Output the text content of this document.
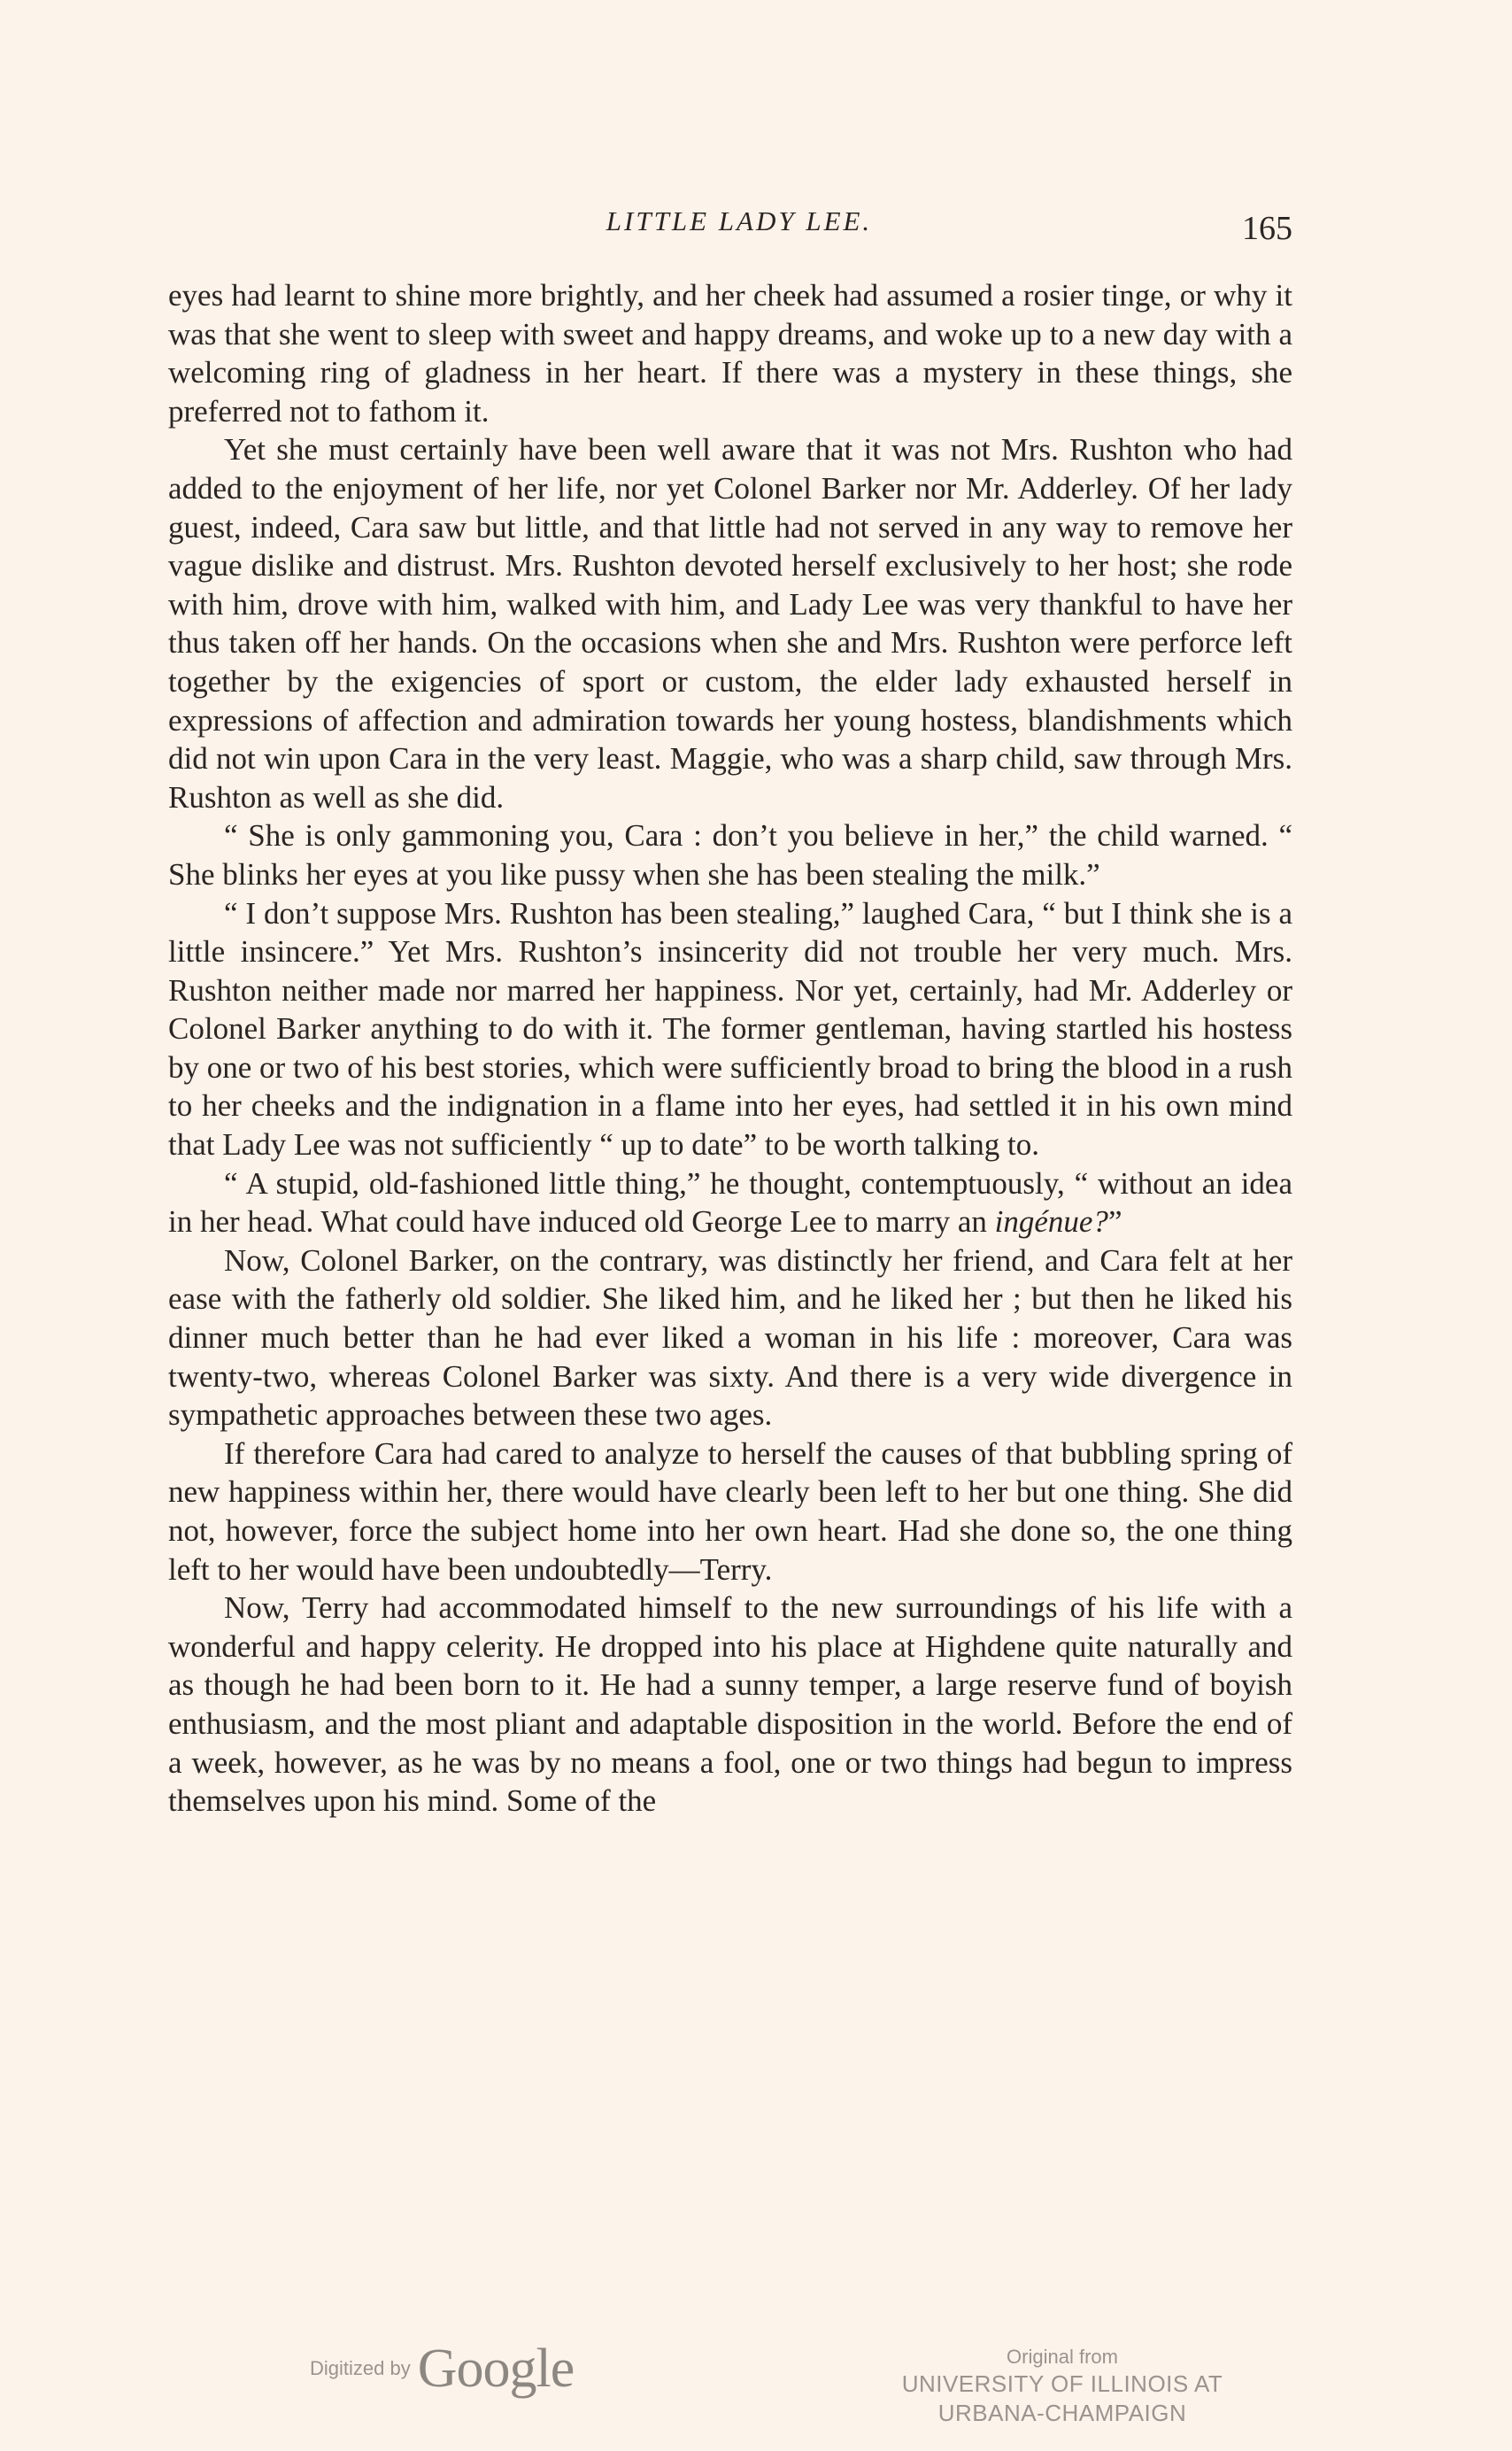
LITTLE LADY LEE.	165

eyes had learnt to shine more brightly, and her cheek had assumed a rosier tinge, or why it was that she went to sleep with sweet and happy dreams, and woke up to a new day with a welcoming ring of gladness in her heart. If there was a mystery in these things, she preferred not to fathom it.

Yet she must certainly have been well aware that it was not Mrs. Rushton who had added to the enjoyment of her life, nor yet Colonel Barker nor Mr. Adderley. Of her lady guest, indeed, Cara saw but little, and that little had not served in any way to remove her vague dislike and distrust. Mrs. Rushton devoted herself exclusively to her host; she rode with him, drove with him, walked with him, and Lady Lee was very thankful to have her thus taken off her hands. On the occasions when she and Mrs. Rushton were perforce left together by the exigencies of sport or custom, the elder lady exhausted herself in expressions of affection and admiration towards her young hostess, blandishments which did not win upon Cara in the very least. Maggie, who was a sharp child, saw through Mrs. Rushton as well as she did.

“ She is only gammoning you, Cara : don’t you believe in her,” the child warned. “ She blinks her eyes at you like pussy when she has been stealing the milk.”

“ I don’t suppose Mrs. Rushton has been stealing,” laughed Cara, “ but I think she is a little insincere.” Yet Mrs. Rushton’s insincerity did not trouble her very much. Mrs. Rushton neither made nor marred her happiness. Nor yet, certainly, had Mr. Adderley or Colonel Barker anything to do with it. The former gentleman, having startled his hostess by one or two of his best stories, which were sufficiently broad to bring the blood in a rush to her cheeks and the indignation in a flame into her eyes, had settled it in his own mind that Lady Lee was not sufficiently “ up to date” to be worth talking to.

“ A stupid, old-fashioned little thing,” he thought, contemptuously, “ without an idea in her head. What could have induced old George Lee to marry an ingénue?”

Now, Colonel Barker, on the contrary, was distinctly her friend, and Cara felt at her ease with the fatherly old soldier. She liked him, and he liked her ; but then he liked his dinner much better than he had ever liked a woman in his life : moreover, Cara was twenty-two, whereas Colonel Barker was sixty. And there is a very wide divergence in sympathetic approaches between these two ages.

If therefore Cara had cared to analyze to herself the causes of that bubbling spring of new happiness within her, there would have clearly been left to her but one thing. She did not, however, force the subject home into her own heart. Had she done so, the one thing left to her would have been undoubtedly—Terry.

Now, Terry had accommodated himself to the new surroundings of his life with a wonderful and happy celerity. He dropped into his place at Highdene quite naturally and as though he had been born to it. He had a sunny temper, a large reserve fund of boyish enthusiasm, and the most pliant and adaptable disposition in the world. Before the end of a week, however, as he was by no means a fool, one or two things had begun to impress themselves upon his mind. Some of the

Digitized by Google	Original from
UNIVERSITY OF ILLINOIS AT
URBANA-CHAMPAIGN
